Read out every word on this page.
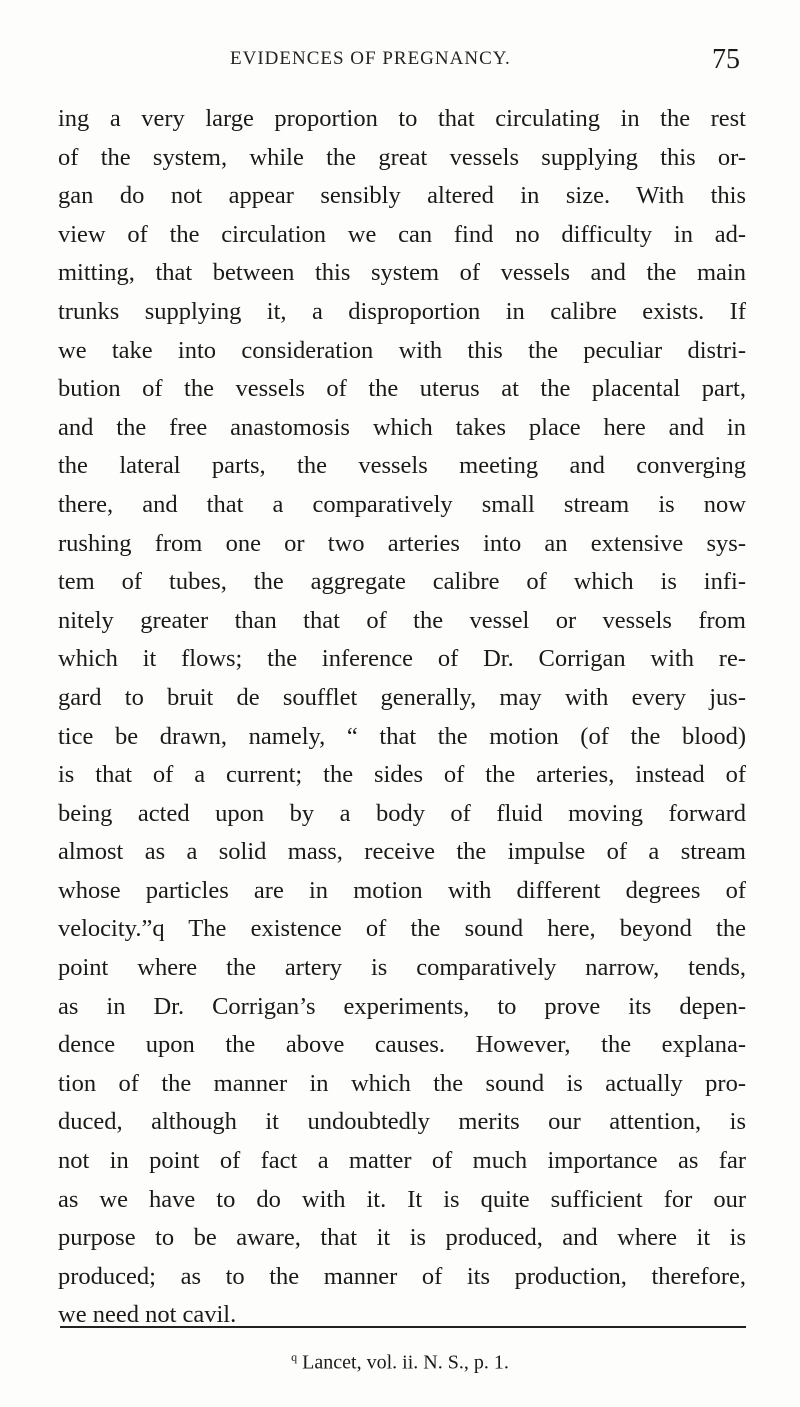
EVIDENCES OF PREGNANCY.	75
ing a very large proportion to that circulating in the rest
of the system, while the great vessels supplying this or-
gan do not appear sensibly altered in size. With this
view of the circulation we can find no difficulty in ad-
mitting, that between this system of vessels and the main
trunks supplying it, a disproportion in calibre exists. If
we take into consideration with this the peculiar distri-
bution of the vessels of the uterus at the placental part,
and the free anastomosis which takes place here and in
the lateral parts, the vessels meeting and converging
there, and that a comparatively small stream is now
rushing from one or two arteries into an extensive sys-
tem of tubes, the aggregate calibre of which is infi-
nitely greater than that of the vessel or vessels from
which it flows; the inference of Dr. Corrigan with re-
gard to bruit de soufflet generally, may with every jus-
tice be drawn, namely, “ that the motion (of the blood)
is that of a current; the sides of the arteries, instead of
being acted upon by a body of fluid moving forward
almost as a solid mass, receive the impulse of a stream
whose particles are in motion with different degrees of
velocity.”q The existence of the sound here, beyond the
point where the artery is comparatively narrow, tends,
as in Dr. Corrigan’s experiments, to prove its depen-
dence upon the above causes. However, the explana-
tion of the manner in which the sound is actually pro-
duced, although it undoubtedly merits our attention, is
not in point of fact a matter of much importance as far
as we have to do with it. It is quite sufficient for our
purpose to be aware, that it is produced, and where it is
produced; as to the manner of its production, therefore,
we need not cavil.
$^q$ Lancet, vol. ii. N. S., p. 1.
